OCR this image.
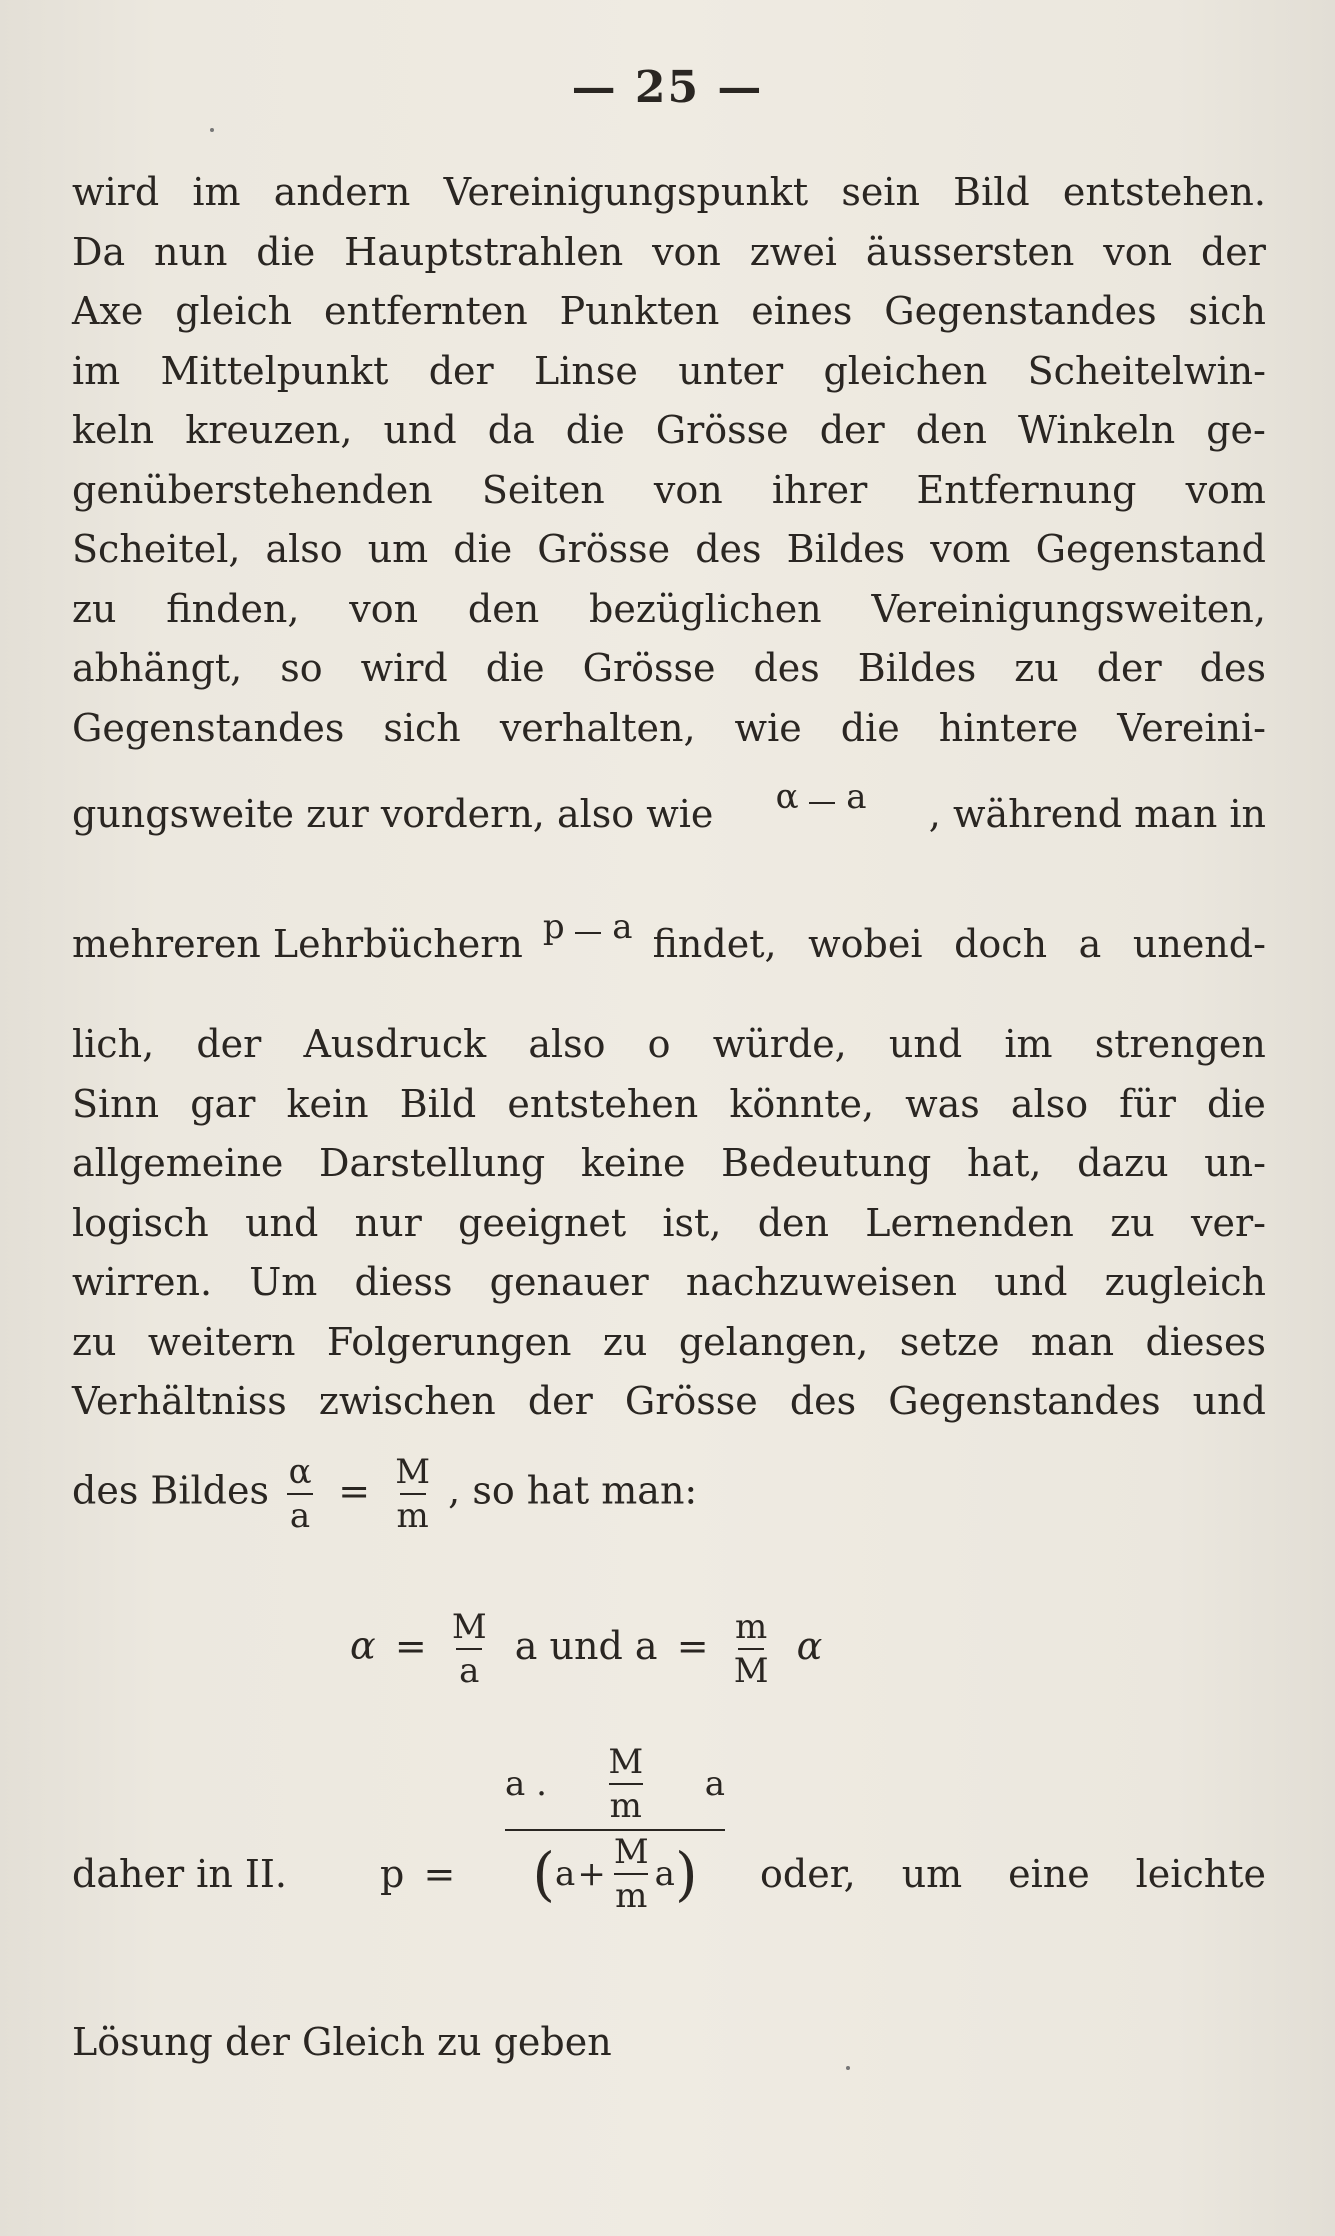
— 25 —
wird im andern Vereinigungspunkt sein Bild entstehen.
Da nun die Hauptstrahlen von zwei äussersten von der
Axe gleich entfernten Punkten eines Gegenstandes sich
im Mittelpunkt der Linse unter gleichen Scheitelwin-
keln kreuzen, und da die Grösse der den Winkeln ge-
genüberstehenden Seiten von ihrer Entfernung vom
Scheitel, also um die Grösse des Bildes vom Gegenstand
zu finden, von den bezüglichen Vereinigungsweiten,
abhängt, so wird die Grösse des Bildes zu der des
Gegenstandes sich verhalten, wie die hintere Vereini-
gungsweite zur vordern, also wie α a , während man in
mehreren Lehrbüchern p a findet, wobei doch a unend-
lich, der Ausdruck also o würde, und im strengen
Sinn gar kein Bild entstehen könnte, was also für die
allgemeine Darstellung keine Bedeutung hat, dazu un-
logisch und nur geeignet ist, den Lernenden zu ver-
wirren. Um diess genauer nachzuweisen und zugleich
zu weitern Folgerungen zu gelangen, setze man dieses
Verhältniss zwischen der Grösse des Gegenstandes und
des Bildes $\frac{\alpha}{a} = \frac{M}{m}$ , so hat man:
$\alpha = \frac{M}{a}$ a und $a = \frac{m}{M}$ α
daher in II. p =
a . $\frac{M}{m}$ a
( $a + \frac{M}{m}$ a ) oder, um eine leichte
Lösung der Gleich zu geben
